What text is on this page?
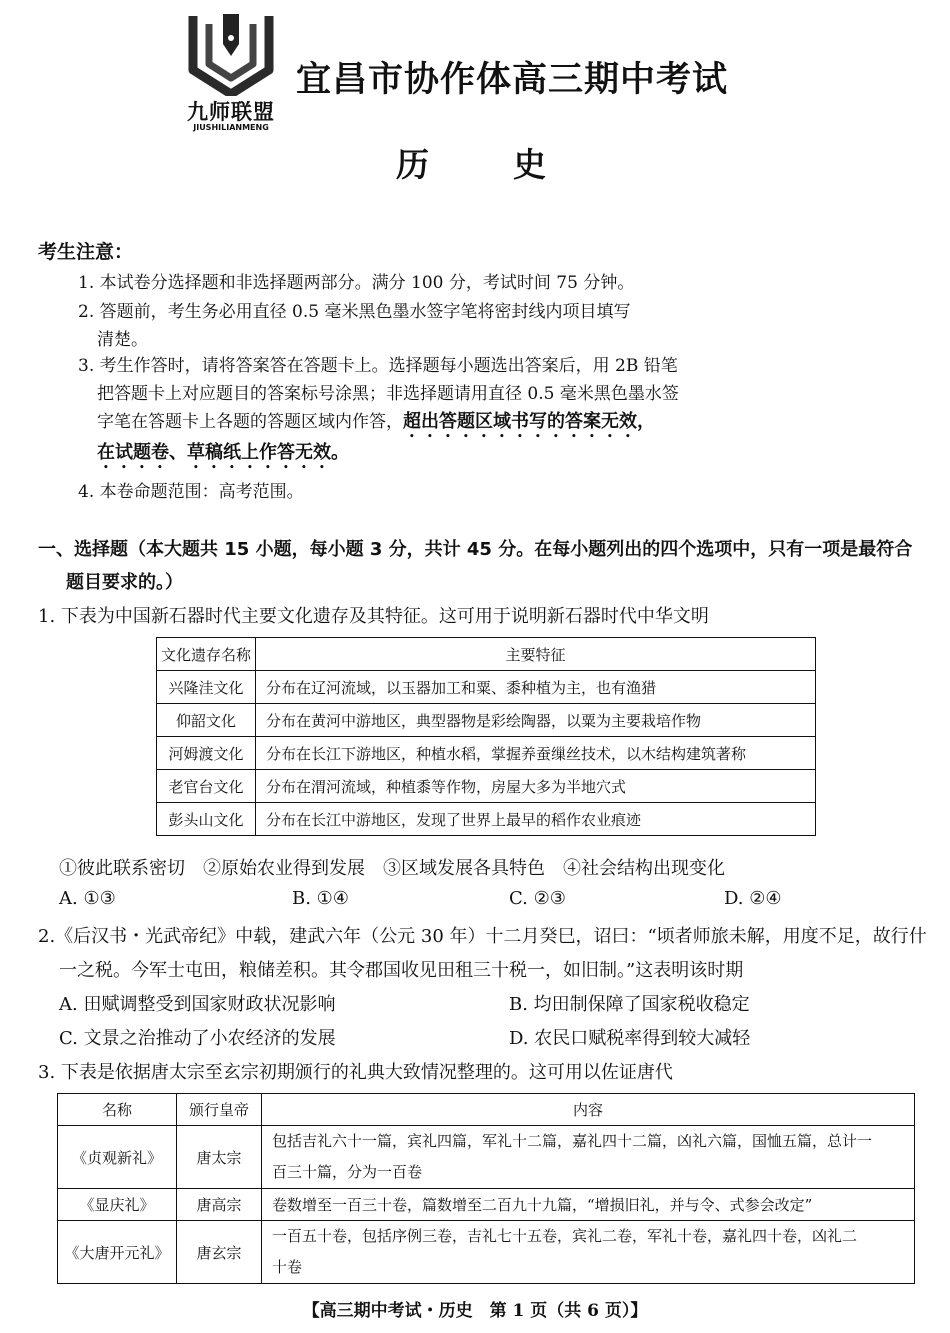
九师联盟
JIUSHILIANMENG
宜昌市协作体高三期中考试
历史
考生注意：
1. 本试卷分选择题和非选择题两部分。满分 100 分，考试时间 75 分钟。
2. 答题前，考生务必用直径 0.5 毫米黑色墨水签字笔将密封线内项目填写
清楚。
3. 考生作答时，请将答案答在答题卡上。选择题每小题选出答案后，用 2B 铅笔
把答题卡上对应题目的答案标号涂黑；非选择题请用直径 0.5 毫米黑色墨水签
字笔在答题卡上各题的答题区域内作答，超出答题区域书写的答案无效，
在试题卷、草稿纸上作答无效。
4. 本卷命题范围：高考范围。
一、选择题（本大题共 15 小题，每小题 3 分，共计 45 分。在每小题列出的四个选项中，只有一项是最符合
题目要求的。）
1. 下表为中国新石器时代主要文化遗存及其特征。这可用于说明新石器时代中华文明
文化遗存名称	主要特征
兴隆洼文化	分布在辽河流域，以玉器加工和粟、黍种植为主，也有渔猎
仰韶文化	分布在黄河中游地区，典型器物是彩绘陶器，以粟为主要栽培作物
河姆渡文化	分布在长江下游地区，种植水稻，掌握养蚕缫丝技术，以木结构建筑著称
老官台文化	分布在渭河流域，种植黍等作物，房屋大多为半地穴式
彭头山文化	分布在长江中游地区，发现了世界上最早的稻作农业痕迹
①彼此联系密切　②原始农业得到发展　③区域发展各具特色　④社会结构出现变化
A. ①③	B. ①④	C. ②③	D. ②④
2.《后汉书・光武帝纪》中载，建武六年（公元 30 年）十二月癸巳，诏曰：“顷者师旅未解，用度不足，故行什
一之税。今军士屯田，粮储差积。其令郡国收见田租三十税一，如旧制。”这表明该时期
A. 田赋调整受到国家财政状况影响	B. 均田制保障了国家税收稳定
C. 文景之治推动了小农经济的发展	D. 农民口赋税率得到较大减轻
3. 下表是依据唐太宗至玄宗初期颁行的礼典大致情况整理的。这可用以佐证唐代
名称	颁行皇帝	内容
《贞观新礼》	唐太宗	包括吉礼六十一篇，宾礼四篇，军礼十二篇，嘉礼四十二篇，凶礼六篇，国恤五篇，总计一
百三十篇，分为一百卷

《显庆礼》	唐高宗	卷数增至一百三十卷，篇数增至二百九十九篇，“增损旧礼，并与令、式参会改定”
《大唐开元礼》	唐玄宗	一百五十卷，包括序例三卷，吉礼七十五卷，宾礼二卷，军礼十卷，嘉礼四十卷，凶礼二
十卷
【高三期中考试・历史　第 1 页（共 6 页）】
